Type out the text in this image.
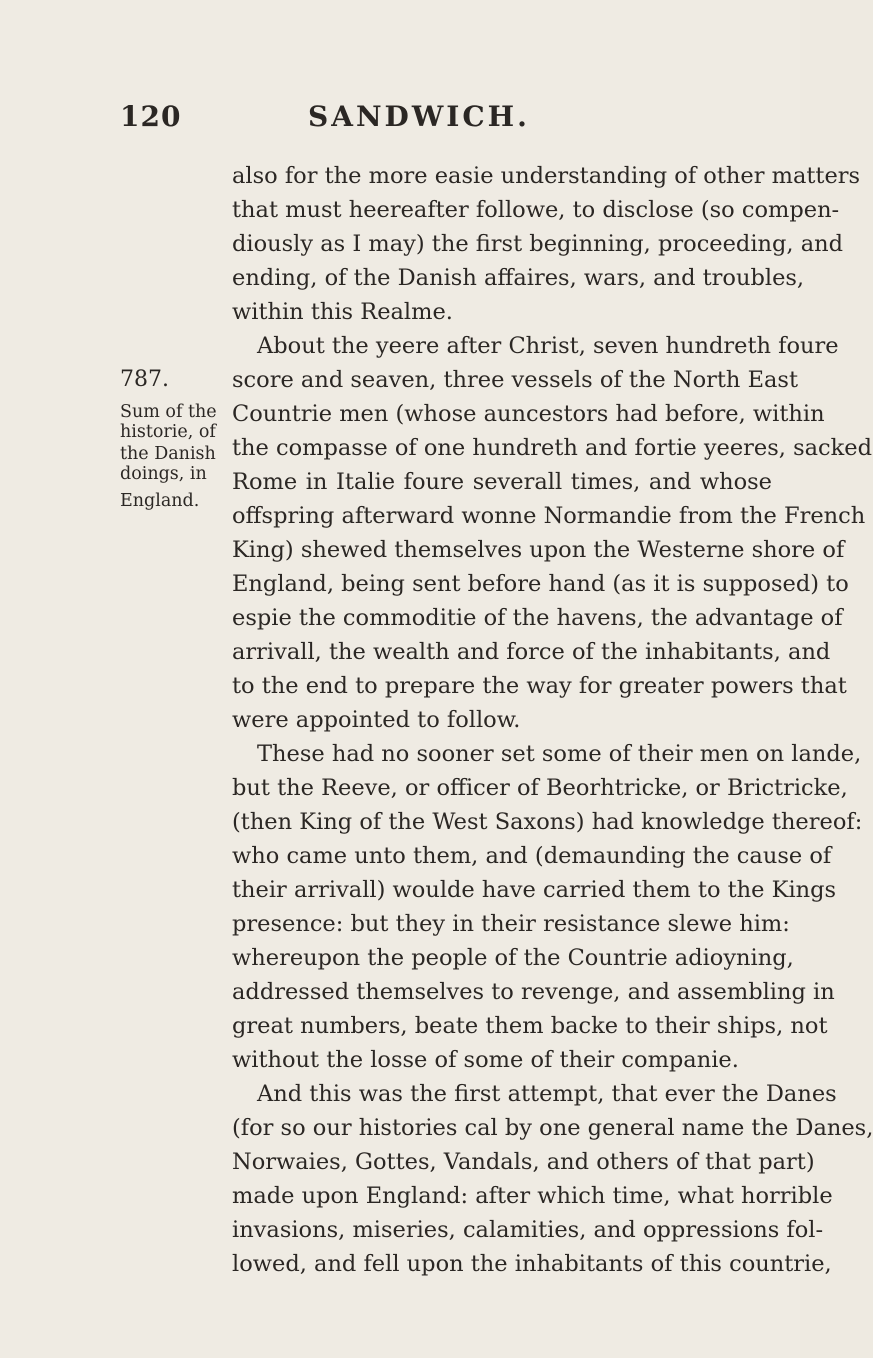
120	SANDWICH.
787.
Sum of the
historie, of
the Danish
doings, in
England.
also for the more easie understanding of other matters
that must heereafter followe, to disclose (so compen-
diously as I may) the first beginning, proceeding, and
ending, of the Danish affaires, wars, and troubles,
within this Realme.
About the yeere after Christ, seven hundreth foure
score and seaven, three vessels of the North East
Countrie men (whose auncestors had before, within
the compasse of one hundreth and fortie yeeres, sacked
Rome in Italie foure severall times, and whose
offspring afterward wonne Normandie from the French
King) shewed themselves upon the Westerne shore of
England, being sent before hand (as it is supposed) to
espie the commoditie of the havens, the advantage of
arrivall, the wealth and force of the inhabitants, and
to the end to prepare the way for greater powers that
were appointed to follow.
These had no sooner set some of their men on lande,
but the Reeve, or officer of Beorhtricke, or Brictricke,
(then King of the West Saxons) had knowledge thereof:
who came unto them, and (demaunding the cause of
their arrivall) woulde have carried them to the Kings
presence: but they in their resistance slewe him:
whereupon the people of the Countrie adioyning,
addressed themselves to revenge, and assembling in
great numbers, beate them backe to their ships, not
without the losse of some of their companie.
And this was the first attempt, that ever the Danes
(for so our histories cal by one general name the Danes,
Norwaies, Gottes, Vandals, and others of that part)
made upon England: after which time, what horrible
invasions, miseries, calamities, and oppressions fol-
lowed, and fell upon the inhabitants of this countrie,
